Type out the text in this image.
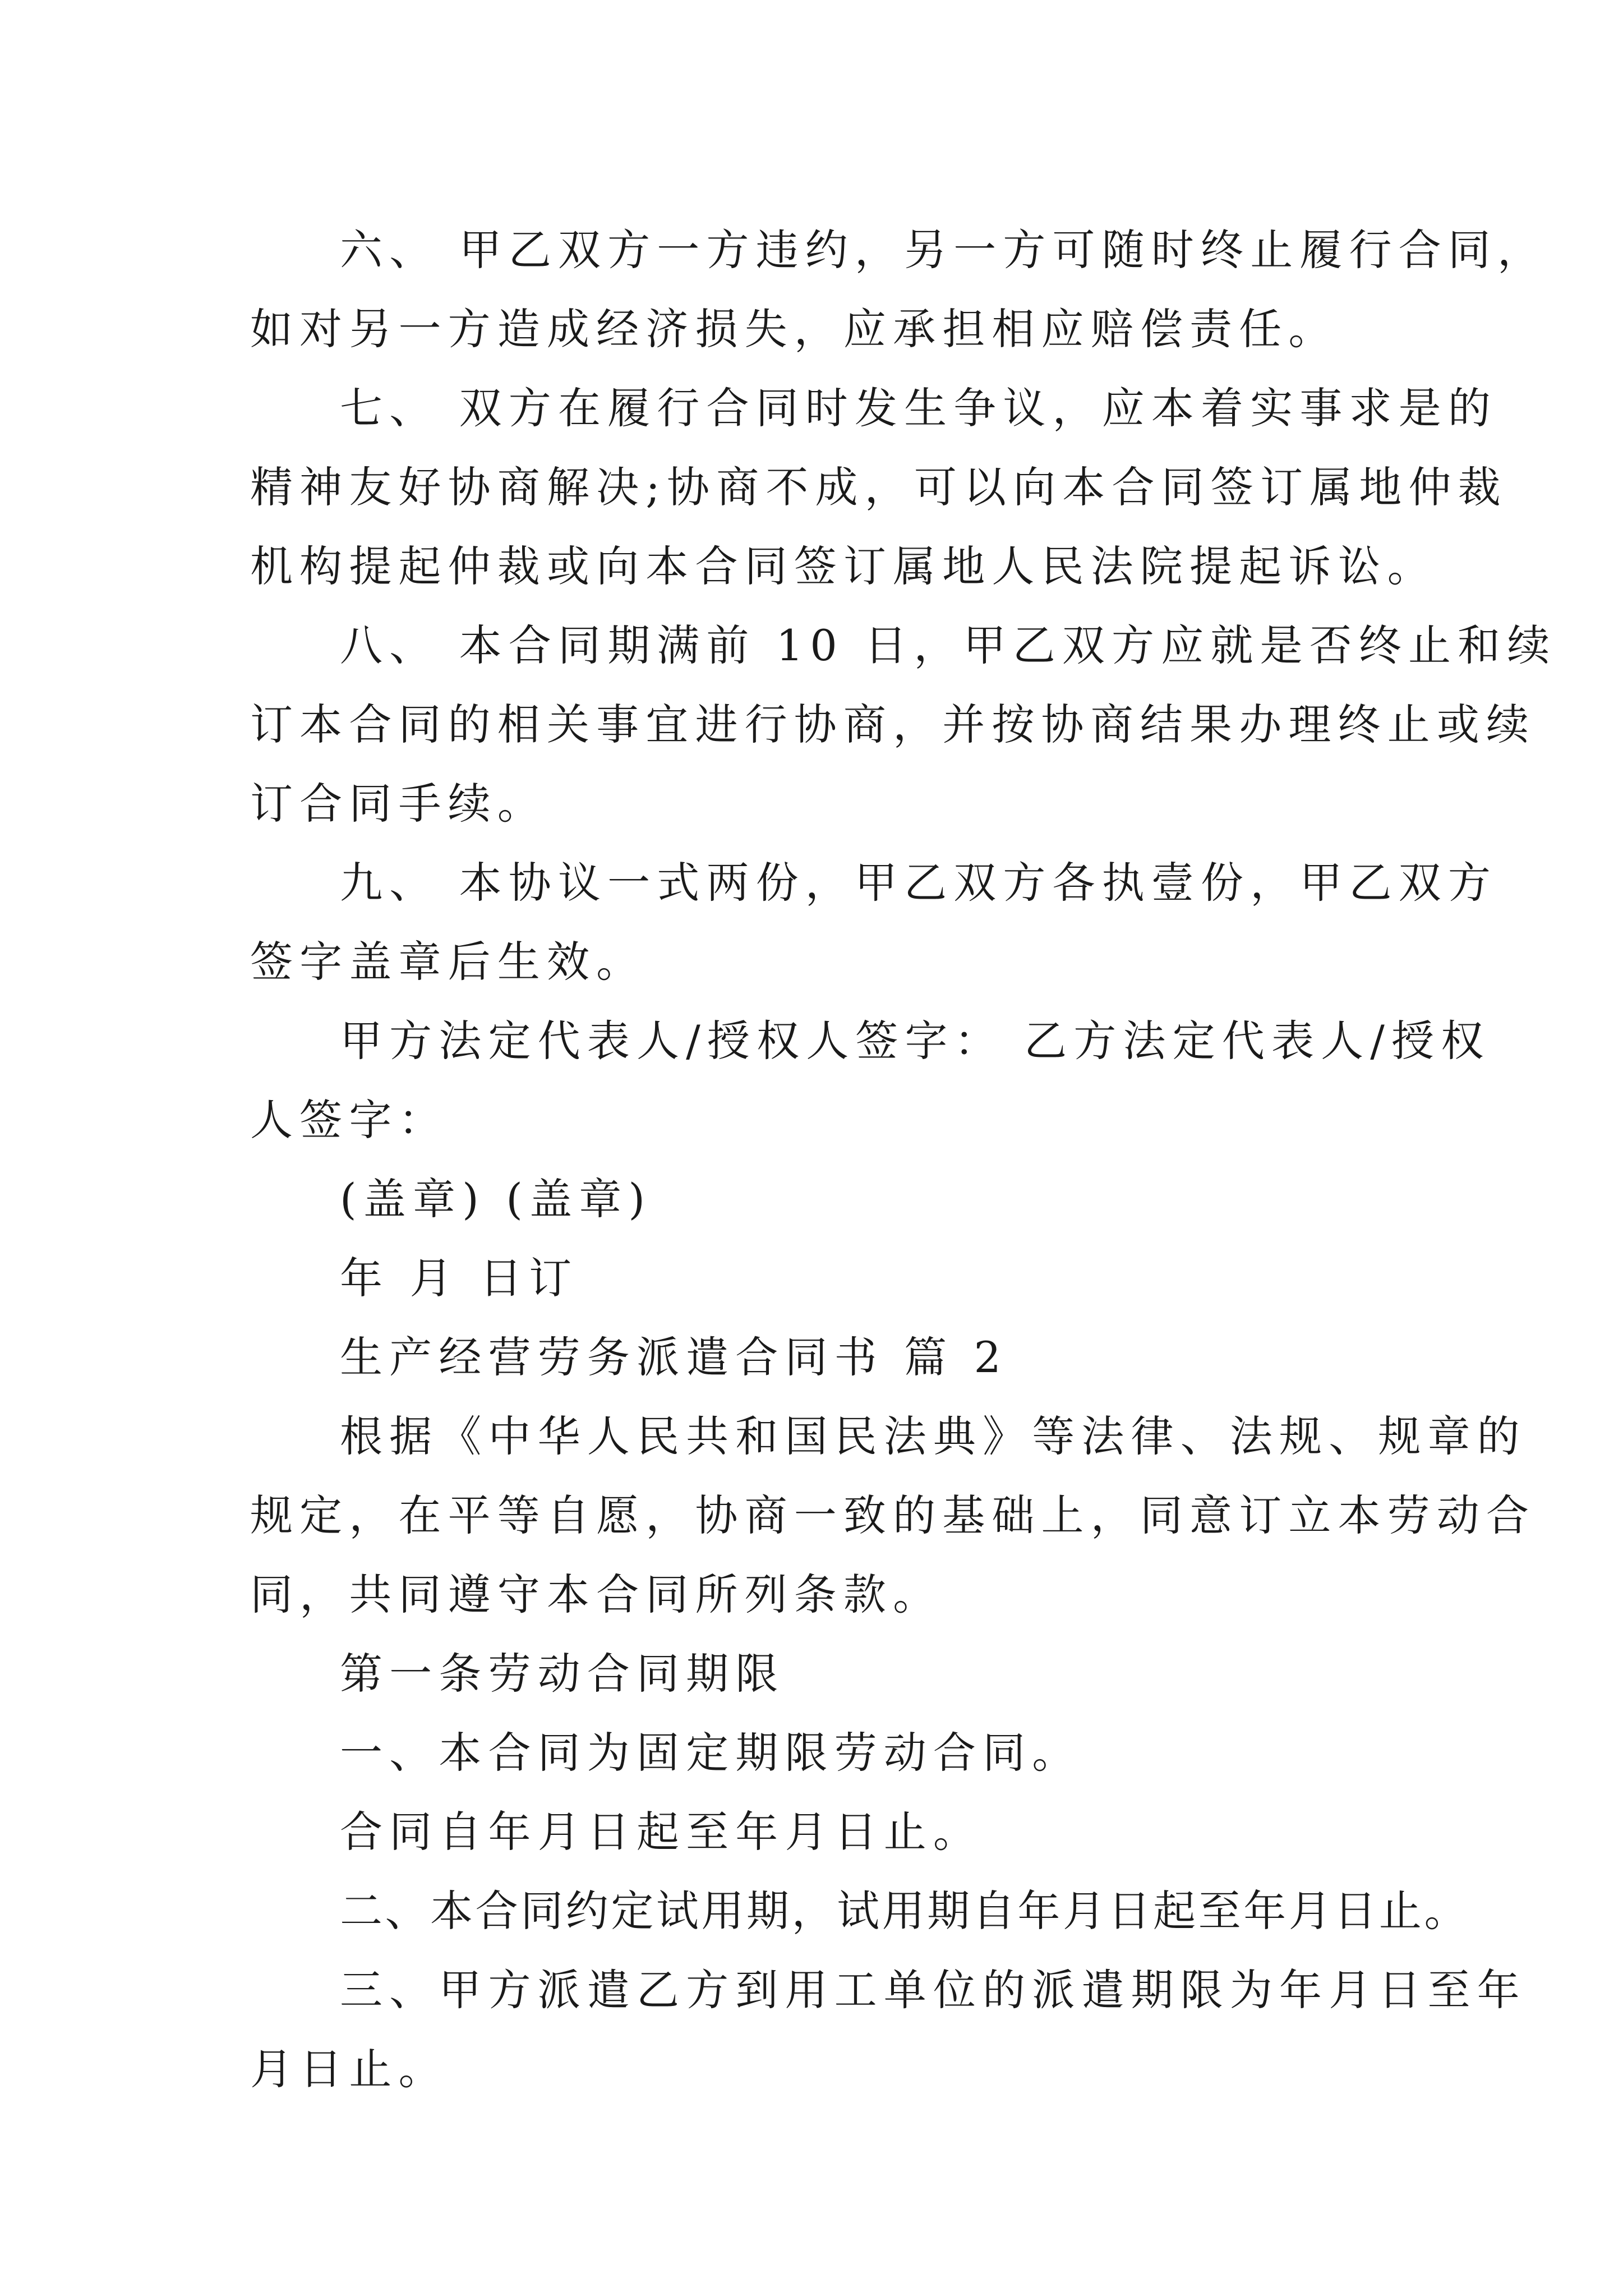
六、 甲乙双方一方违约，另一方可随时终止履行合同，
如对另一方造成经济损失，应承担相应赔偿责任。
七、 双方在履行合同时发生争议，应本着实事求是的
精神友好协商解决;协商不成，可以向本合同签订属地仲裁
机构提起仲裁或向本合同签订属地人民法院提起诉讼。
八、 本合同期满前 10 日，甲乙双方应就是否终止和续
订本合同的相关事宜进行协商，并按协商结果办理终止或续
订合同手续。
九、 本协议一式两份，甲乙双方各执壹份，甲乙双方
签字盖章后生效。
甲方法定代表人/授权人签字： 乙方法定代表人/授权
人签字：
(盖章) (盖章)
年 月 日订
生产经营劳务派遣合同书 篇 2
根据《中华人民共和国民法典》等法律、法规、规章的
规定，在平等自愿，协商一致的基础上，同意订立本劳动合
同，共同遵守本合同所列条款。
第一条劳动合同期限
一、本合同为固定期限劳动合同。
合同自年月日起至年月日止。
二、本合同约定试用期，试用期自年月日起至年月日止。
三、甲方派遣乙方到用工单位的派遣期限为年月日至年
月日止。
